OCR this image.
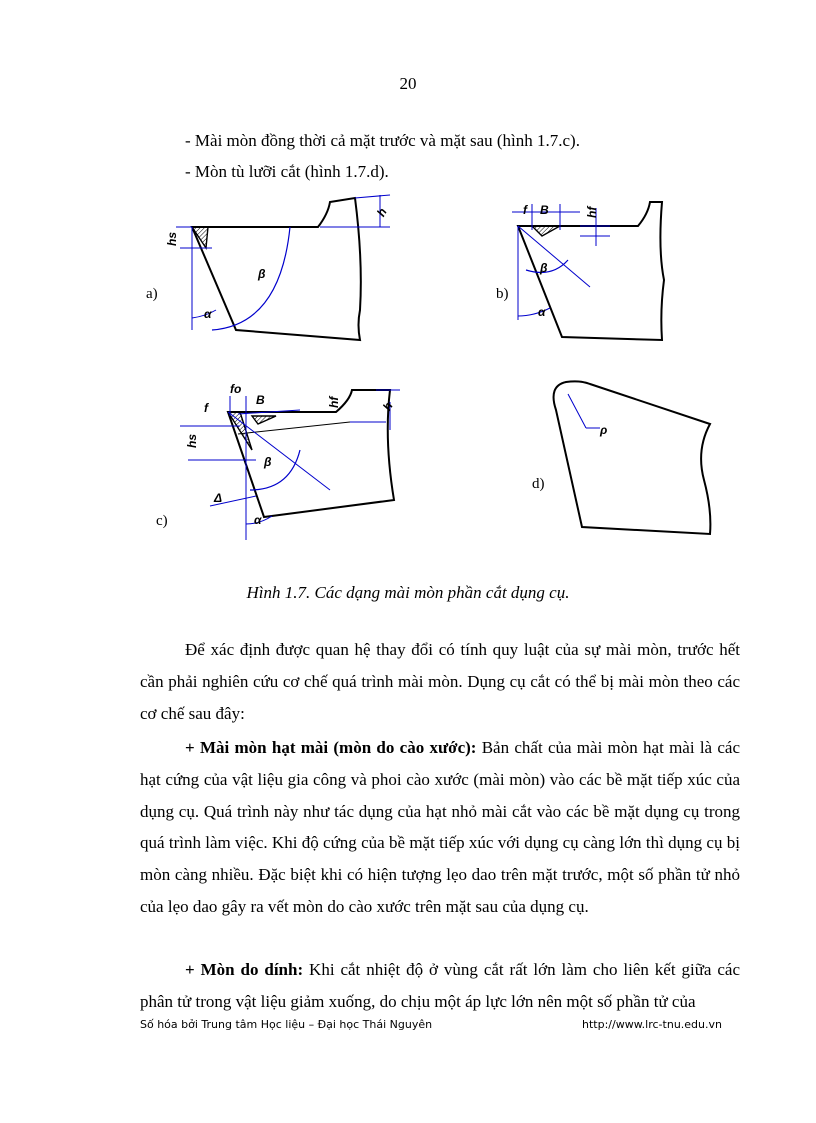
20
- Mài mòn đồng thời cả mặt trước và mặt sau (hình 1.7.c).
- Mòn tù lưỡi cắt (hình 1.7.d).
a)
hs
h
β
α
b)
f B	hf
β
α
c)
f
fo
B	hf
hs
h
β
Δ
α
d)
ρ
Hình 1.7. Các dạng mài mòn phần cắt dụng cụ.

Để xác định được quan hệ thay đổi có tính quy luật của sự mài mòn, trước hết cần phải nghiên cứu cơ chế quá trình mài mòn. Dụng cụ cắt có thể bị mài mòn theo các cơ chế sau đây:

+ Mài mòn hạt mài (mòn do cào xước): Bản chất của mài mòn hạt mài là các hạt cứng của vật liệu gia công và phoi cào xước (mài mòn) vào các bề mặt tiếp xúc của dụng cụ. Quá trình này như tác dụng của hạt nhỏ mài cắt vào các bề mặt dụng cụ trong quá trình làm việc. Khi độ cứng của bề mặt tiếp xúc với dụng cụ càng lớn thì dụng cụ bị mòn càng nhiều. Đặc biệt khi có hiện tượng lẹo dao trên mặt trước, một số phần tử nhỏ của lẹo dao gây ra vết mòn do cào xước trên mặt sau của dụng cụ.

+ Mòn do dính: Khi cắt nhiệt độ ở vùng cắt rất lớn làm cho liên kết giữa các phân tử trong vật liệu giảm xuống, do chịu một áp lực lớn nên một số phần tử của

Số hóa bởi Trung tâm Học liệu – Đại học Thái Nguyên	http://www.lrc-tnu.edu.vn
